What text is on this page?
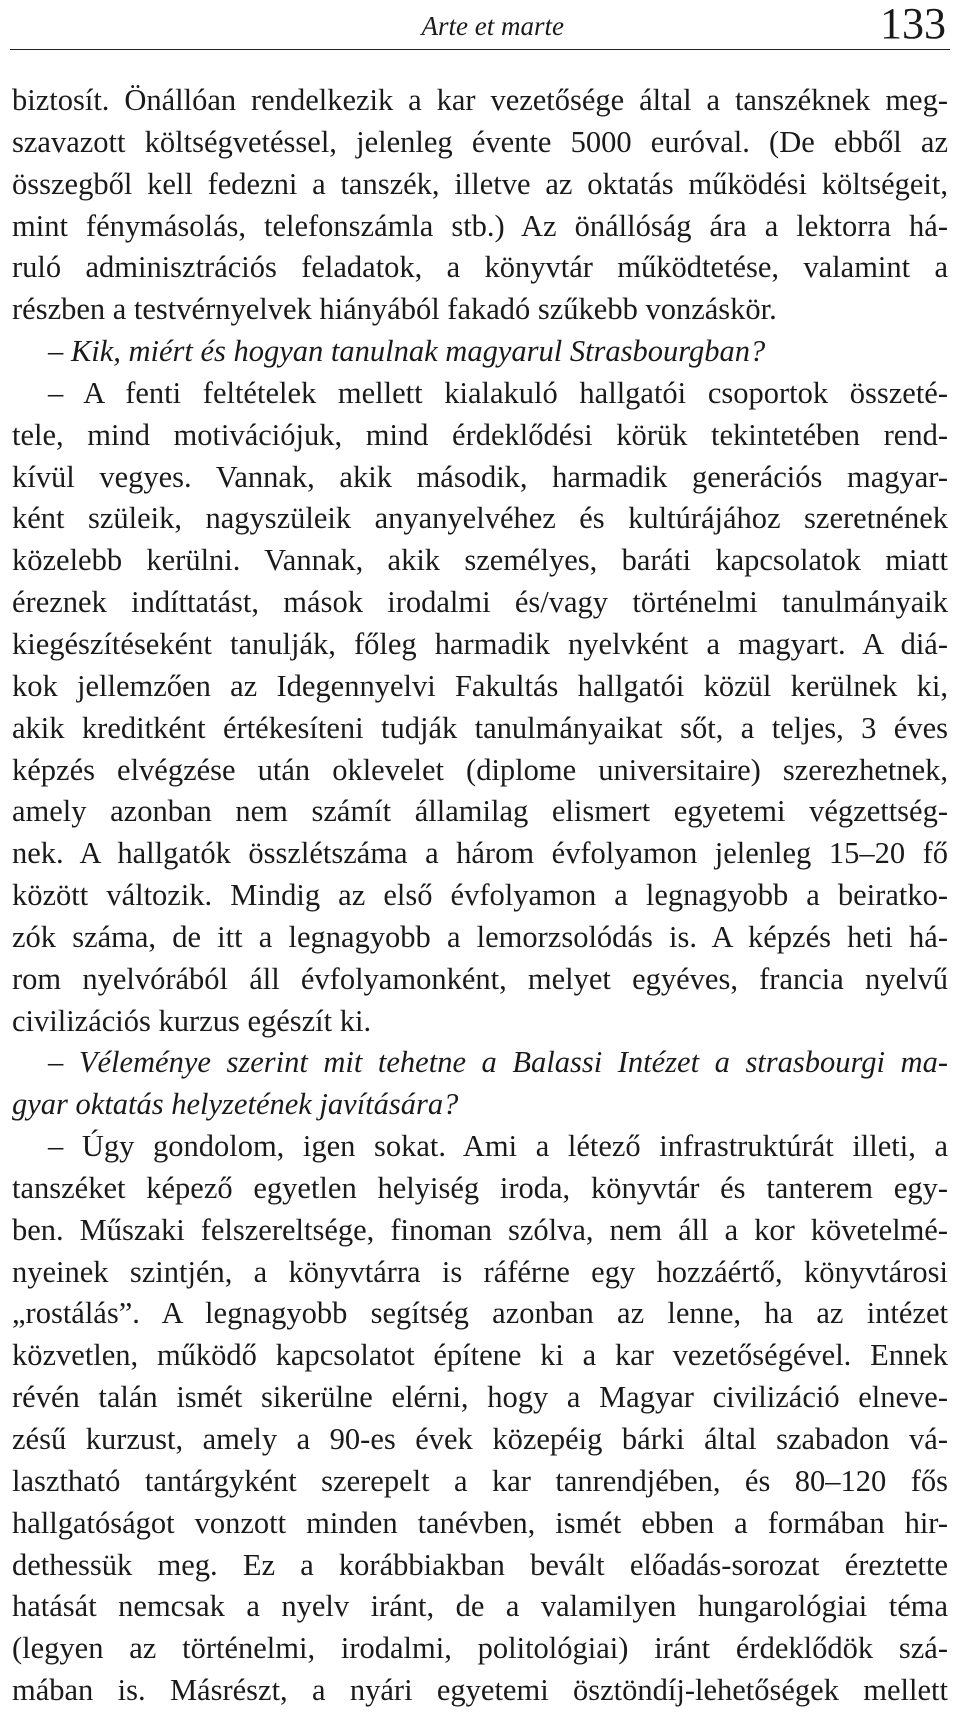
Arte et marte	133
biztosít. Önállóan rendelkezik a kar vezetősége által a tanszéknek meg-
szavazott költségvetéssel, jelenleg évente 5000 euróval. (De ebből az
összegből kell fedezni a tanszék, illetve az oktatás működési költségeit,
mint fénymásolás, telefonszámla stb.) Az önállóság ára a lektorra há-
ruló adminisztrációs feladatok, a könyvtár működtetése, valamint a
részben a testvérnyelvek hiányából fakadó szűkebb vonzáskör.
– Kik, miért és hogyan tanulnak magyarul Strasbourgban?
– A fenti feltételek mellett kialakuló hallgatói csoportok összeté-
tele, mind motivációjuk, mind érdeklődési körük tekintetében rend-
kívül vegyes. Vannak, akik második, harmadik generációs magyar-
ként szüleik, nagyszüleik anyanyelvéhez és kultúrájához szeretnének
közelebb kerülni. Vannak, akik személyes, baráti kapcsolatok miatt
éreznek indíttatást, mások irodalmi és/vagy történelmi tanulmányaik
kiegészítéseként tanulják, főleg harmadik nyelvként a magyart. A diá-
kok jellemzően az Idegennyelvi Fakultás hallgatói közül kerülnek ki,
akik kreditként értékesíteni tudják tanulmányaikat sőt, a teljes, 3 éves
képzés elvégzése után oklevelet (diplome universitaire) szerezhetnek,
amely azonban nem számít államilag elismert egyetemi végzettség-
nek. A hallgatók összlétszáma a három évfolyamon jelenleg 15–20 fő
között változik. Mindig az első évfolyamon a legnagyobb a beiratko-
zók száma, de itt a legnagyobb a lemorzsolódás is. A képzés heti há-
rom nyelvórából áll évfolyamonként, melyet egyéves, francia nyelvű
civilizációs kurzus egészít ki.
– Véleménye szerint mit tehetne a Balassi Intézet a strasbourgi ma-
gyar oktatás helyzetének javítására?
– Úgy gondolom, igen sokat. Ami a létező infrastruktúrát illeti, a
tanszéket képező egyetlen helyiség iroda, könyvtár és tanterem egy-
ben. Műszaki felszereltsége, finoman szólva, nem áll a kor követelmé-
nyeinek szintjén, a könyvtárra is ráférne egy hozzáértő, könyvtárosi
„rostálás”. A legnagyobb segítség azonban az lenne, ha az intézet
közvetlen, működő kapcsolatot építene ki a kar vezetőségével. Ennek
révén talán ismét sikerülne elérni, hogy a Magyar civilizáció elneve-
zésű kurzust, amely a 90-es évek közepéig bárki által szabadon vá-
lasztható tantárgyként szerepelt a kar tanrendjében, és 80–120 fős
hallgatóságot vonzott minden tanévben, ismét ebben a formában hir-
dethessük meg. Ez a korábbiakban bevált előadás-sorozat éreztette
hatását nemcsak a nyelv iránt, de a valamilyen hungarológiai téma
(legyen az történelmi, irodalmi, politológiai) iránt érdeklődök szá-
mában is. Másrészt, a nyári egyetemi ösztöndíj-lehetőségek mellett
